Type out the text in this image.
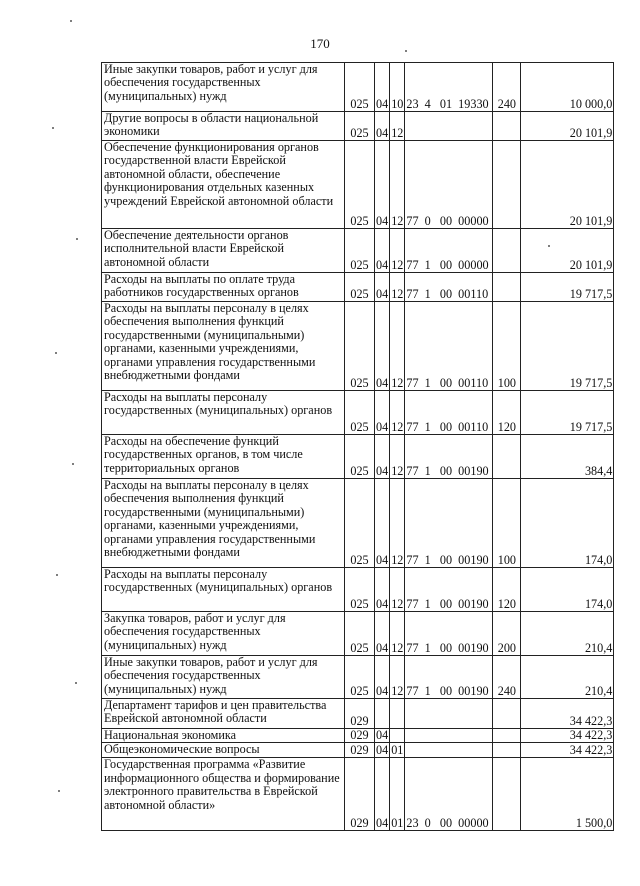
170
Иные закупки товаров, работ и услуг для обеспечения государственных (муниципальных) нужд	025	04	10	23  4   01  19330	240	10 000,0
Другие вопросы в области национальной экономики	025	04	12			20 101,9
Обеспечение функционирования органов государственной власти Еврейской автономной области, обеспечение функционирования отдельных казенных учреждений Еврейской автономной области	025	04	12	77  0   00  00000		20 101,9
Обеспечение деятельности органов исполнительной власти Еврейской автономной области	025	04	12	77  1   00  00000		20 101,9
Расходы на выплаты по оплате труда работников государственных органов	025	04	12	77  1   00  00110		19 717,5
Расходы на выплаты персоналу в целях обеспечения выполнения функций государственными (муниципальными) органами, казенными учреждениями, органами управления государственными внебюджетными фондами	025	04	12	77  1   00  00110	100	19 717,5
Расходы на выплаты персоналу государственных (муниципальных) органов	025	04	12	77  1   00  00110	120	19 717,5
Расходы на обеспечение функций государственных органов, в том числе территориальных органов	025	04	12	77  1   00  00190		384,4
Расходы на выплаты персоналу в целях обеспечения выполнения функций государственными (муниципальными) органами, казенными учреждениями, органами управления государственными внебюджетными фондами	025	04	12	77  1   00  00190	100	174,0
Расходы на выплаты персоналу государственных (муниципальных) органов	025	04	12	77  1   00  00190	120	174,0
Закупка товаров, работ и услуг для обеспечения государственных (муниципальных) нужд	025	04	12	77  1   00  00190	200	210,4
Иные закупки товаров, работ и услуг для обеспечения государственных (муниципальных) нужд	025	04	12	77  1   00  00190	240	210,4
Департамент тарифов и цен правительства Еврейской автономной области	029					34 422,3
Национальная экономика	029	04				34 422,3
Общеэкономические вопросы	029	04	01			34 422,3
Государственная программа «Развитие информационного общества и формирование электронного правительства в Еврейской автономной области»	029	04	01	23  0   00  00000		1 500,0
